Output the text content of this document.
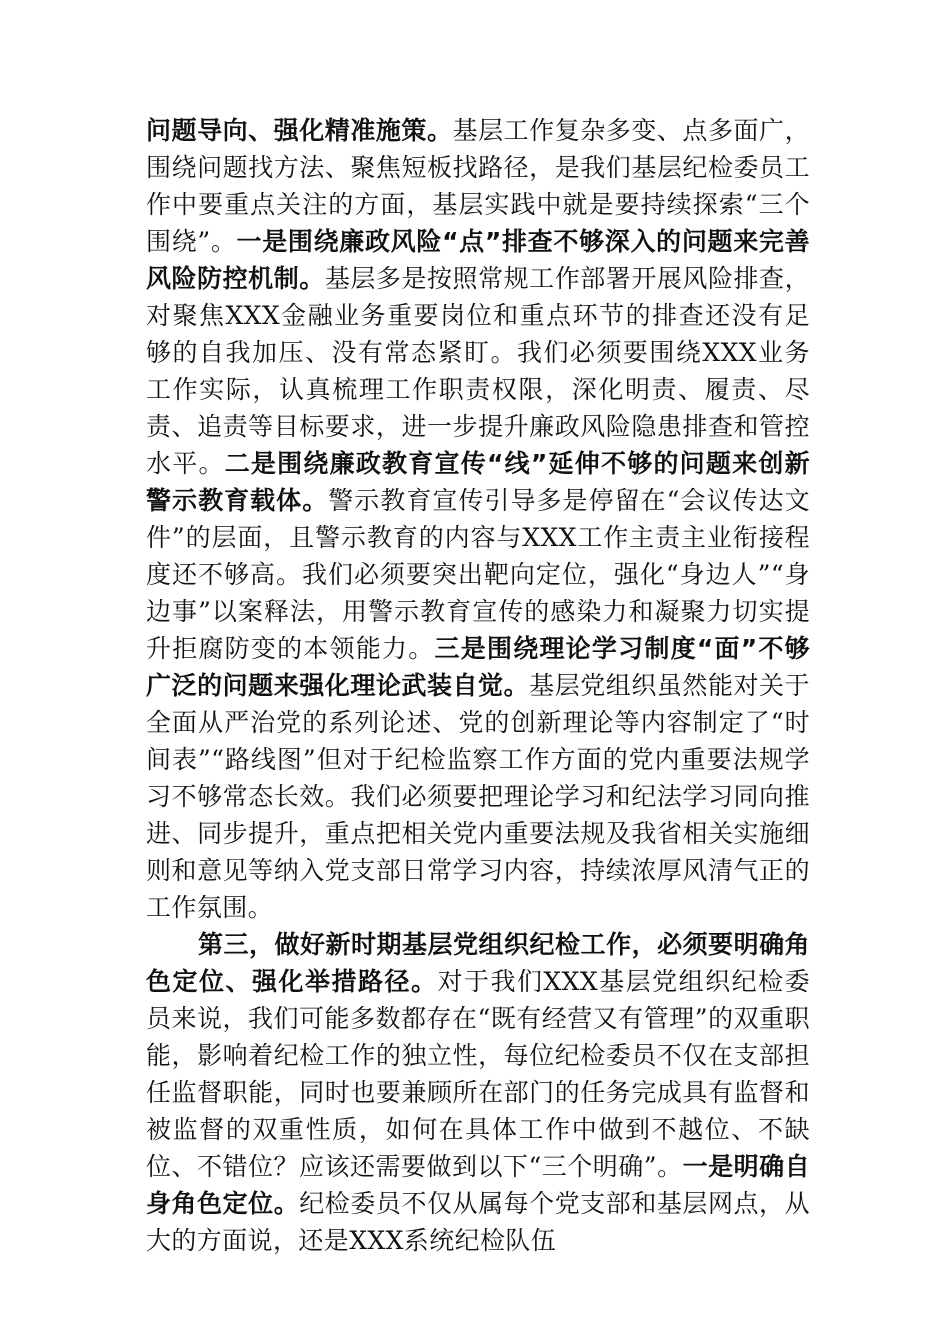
问题导向、强化精准施策。基层工作复杂多变、点多面广，围绕问题找方法、聚焦短板找路径，是我们基层纪检委员工作中要重点关注的方面，基层实践中就是要持续探索“三个围绕”。一是围绕廉政风险“点”排查不够深入的问题来完善风险防控机制。基层多是按照常规工作部署开展风险排查，对聚焦XXX金融业务重要岗位和重点环节的排查还没有足够的自我加压、没有常态紧盯。我们必须要围绕XXX业务工作实际，认真梳理工作职责权限，深化明责、履责、尽责、追责等目标要求，进一步提升廉政风险隐患排查和管控水平。二是围绕廉政教育宣传“线”延伸不够的问题来创新警示教育载体。警示教育宣传引导多是停留在“会议传达文件”的层面，且警示教育的内容与XXX工作主责主业衔接程度还不够高。我们必须要突出靶向定位，强化“身边人”“身边事”以案释法，用警示教育宣传的感染力和凝聚力切实提升拒腐防变的本领能力。三是围绕理论学习制度“面”不够广泛的问题来强化理论武装自觉。基层党组织虽然能对关于全面从严治党的系列论述、党的创新理论等内容制定了“时间表”“路线图”但对于纪检监察工作方面的党内重要法规学习不够常态长效。我们必须要把理论学习和纪法学习同向推进、同步提升，重点把相关党内重要法规及我省相关实施细则和意见等纳入党支部日常学习内容，持续浓厚风清气正的工作氛围。

第三，做好新时期基层党组织纪检工作，必须要明确角色定位、强化举措路径。对于我们XXX基层党组织纪检委员来说，我们可能多数都存在“既有经营又有管理”的双重职能，影响着纪检工作的独立性，每位纪检委员不仅在支部担任监督职能，同时也要兼顾所在部门的任务完成具有监督和被监督的双重性质，如何在具体工作中做到不越位、不缺位、不错位？应该还需要做到以下“三个明确”。一是明确自身角色定位。纪检委员不仅从属每个党支部和基层网点，从大的方面说，还是XXX系统纪检队伍
